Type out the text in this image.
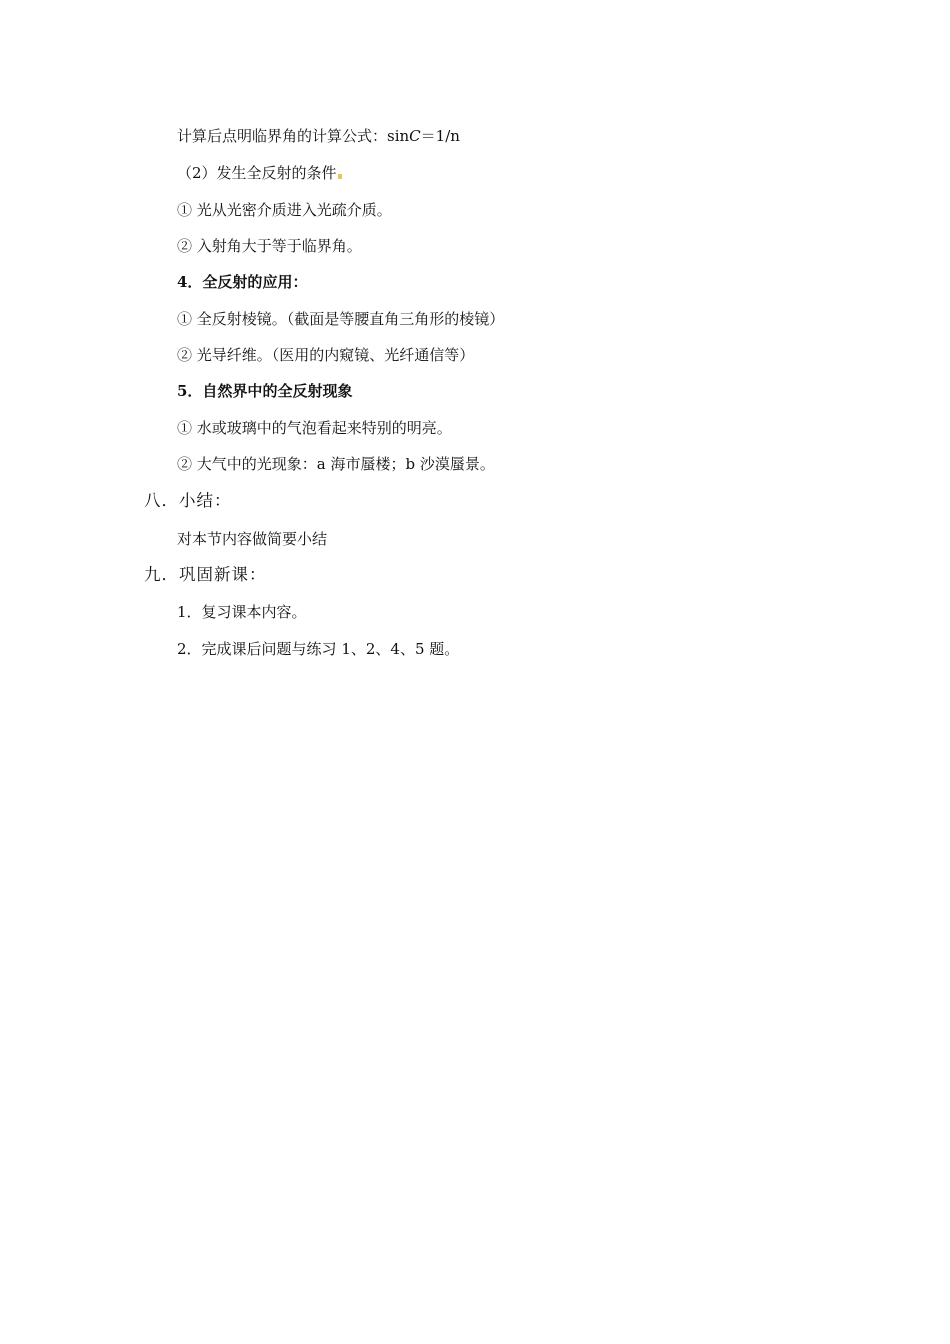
计算后点明临界角的计算公式：sinC＝1/n
（2）发生全反射的条件
① 光从光密介质进入光疏介质。
② 入射角大于等于临界角。
4．全反射的应用：
① 全反射棱镜。（截面是等腰直角三角形的棱镜）
② 光导纤维。（医用的内窥镜、光纤通信等）
5．自然界中的全反射现象
① 水或玻璃中的气泡看起来特别的明亮。
② 大气中的光现象：a 海市蜃楼；b 沙漠蜃景。
八．小结：
对本节内容做简要小结
九．巩固新课：
1．复习课本内容。
2．完成课后问题与练习 1、2、4、5 题。
